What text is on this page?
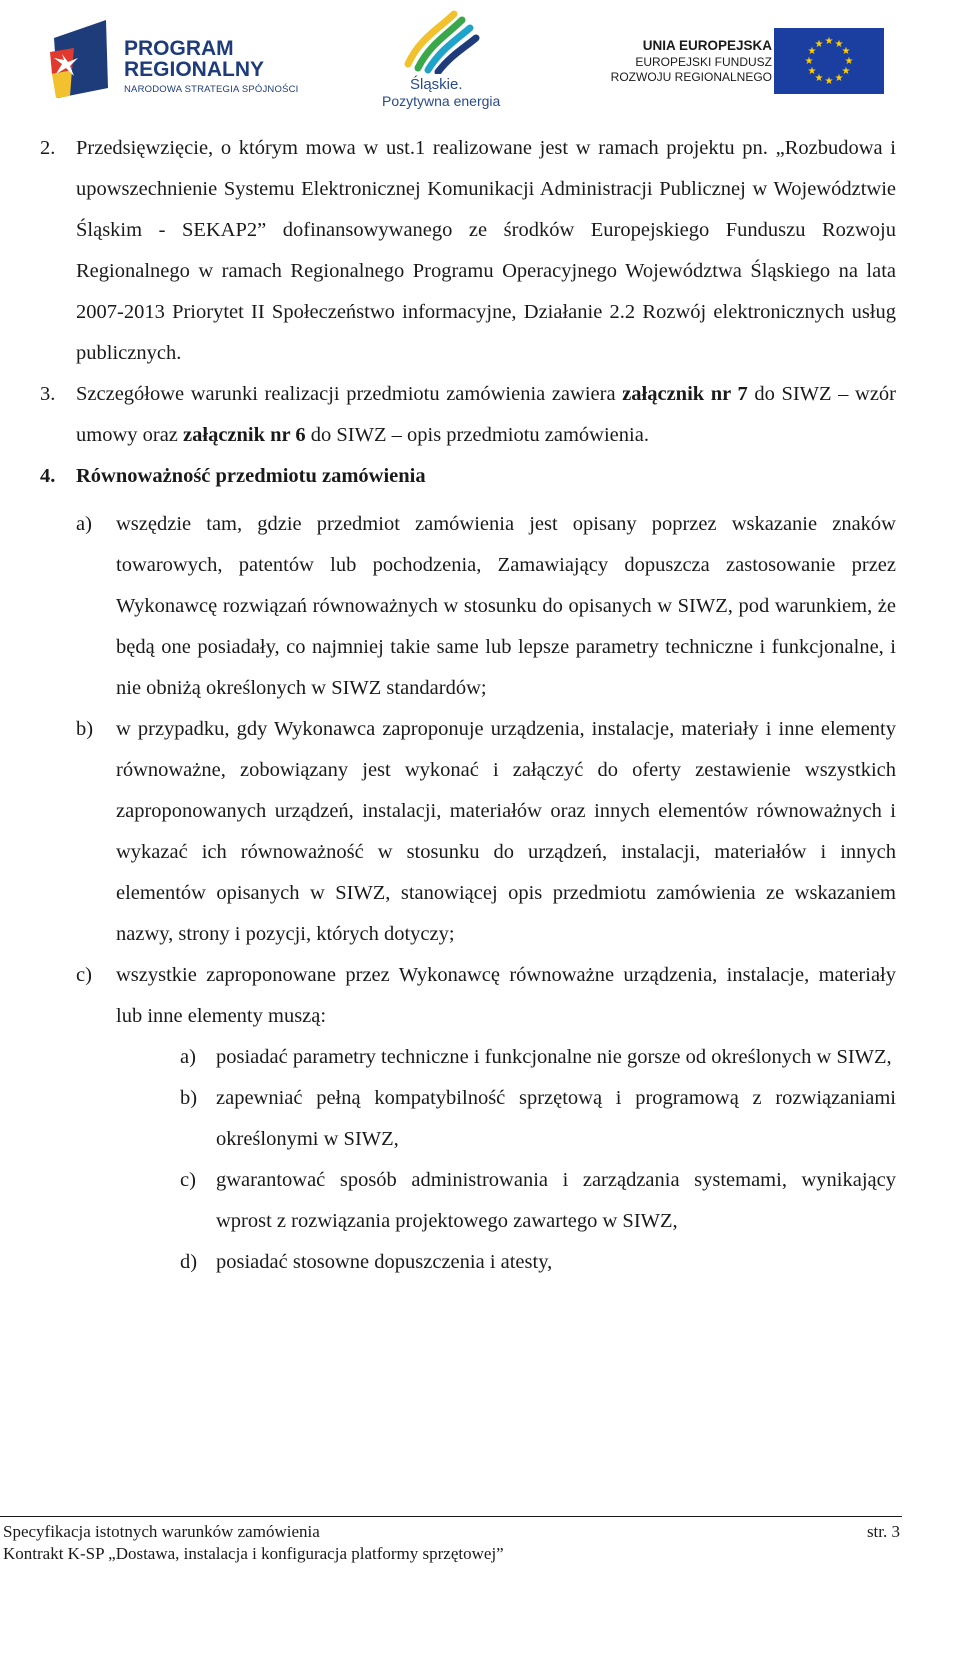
PROGRAM
REGIONALNY
NARODOWA STRATEGIA SPÓJNOŚCI	Śląskie.
Pozytywna energia
UNIA EUROPEJSKA
EUROPEJSKI FUNDUSZ
ROZWOJU REGIONALNEGO
★ ★
★
★
★
★
★
★
★
★
★
★
2. Przedsięwzięcie, o którym mowa w ust.1 realizowane jest w ramach projektu pn. „Rozbudowa i upowszechnienie Systemu Elektronicznej Komunikacji Administracji Publicznej w Województwie Śląskim - SEKAP2” dofinansowywanego ze środków Europejskiego Funduszu Rozwoju Regionalnego w ramach Regionalnego Programu Operacyjnego Województwa Śląskiego na lata 2007-2013 Priorytet II Społeczeństwo informacyjne, Działanie 2.2 Rozwój elektronicznych usług publicznych.
3. Szczegółowe warunki realizacji przedmiotu zamówienia zawiera załącznik nr 7 do SIWZ – wzór umowy oraz załącznik nr 6 do SIWZ – opis przedmiotu zamówienia.
4. Równoważność przedmiotu zamówienia
a) wszędzie tam, gdzie przedmiot zamówienia jest opisany poprzez wskazanie znaków towarowych, patentów lub pochodzenia, Zamawiający dopuszcza zastosowanie przez Wykonawcę rozwiązań równoważnych w stosunku do opisanych w SIWZ, pod warunkiem, że będą one posiadały, co najmniej takie same lub lepsze parametry techniczne i funkcjonalne, i nie obniżą określonych w SIWZ standardów;
b) w przypadku, gdy Wykonawca zaproponuje urządzenia, instalacje, materiały i inne elementy równoważne, zobowiązany jest wykonać i załączyć do oferty zestawienie wszystkich zaproponowanych urządzeń, instalacji, materiałów oraz innych elementów równoważnych i wykazać ich równoważność w stosunku do urządzeń, instalacji, materiałów i innych elementów opisanych w SIWZ, stanowiącej opis przedmiotu zamówienia ze wskazaniem nazwy, strony i pozycji, których dotyczy;
c) wszystkie zaproponowane przez Wykonawcę równoważne urządzenia, instalacje, materiały lub inne elementy muszą:
a) posiadać parametry techniczne i funkcjonalne nie gorsze od określonych w SIWZ,
b) zapewniać pełną kompatybilność sprzętową i programową z rozwiązaniami określonymi w SIWZ,
c) gwarantować sposób administrowania i zarządzania systemami, wynikający wprost z rozwiązania projektowego zawartego w SIWZ,
d) posiadać stosowne dopuszczenia i atesty,
Specyfikacja istotnych warunków zamówienia	str. 3
Kontrakt K-SP „Dostawa, instalacja i konfiguracja platformy sprzętowej”
